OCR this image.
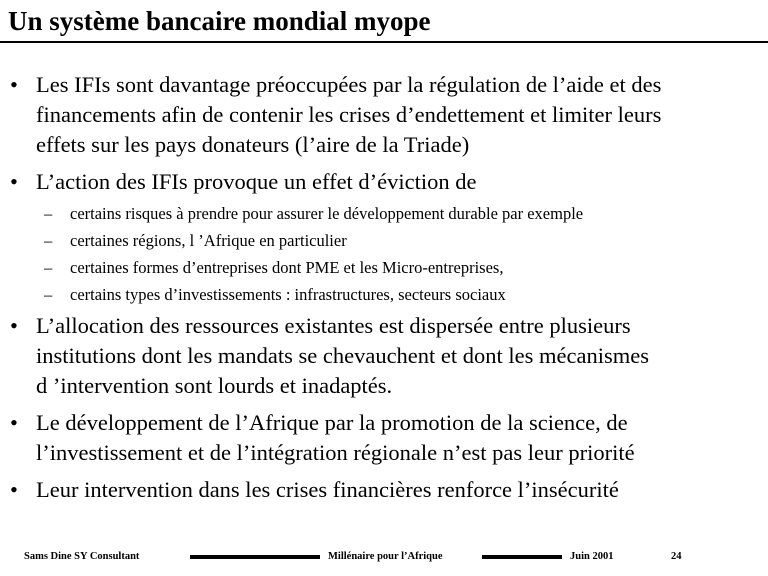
Un système bancaire mondial myope
• Les IFIs sont davantage préoccupées par la régulation de l’aide et des
financements afin de contenir les crises d’endettement et limiter leurs
effets sur les pays donateurs (l’aire de la Triade)
• L’action des IFIs provoque un effet d’éviction de
– certains risques à prendre pour assurer le développement durable par exemple
– certaines régions, l ’Afrique en particulier
– certaines formes d’entreprises dont PME et les Micro-entreprises,
– certains types d’investissements : infrastructures, secteurs sociaux
• L’allocation des ressources existantes est dispersée entre plusieurs
institutions dont les mandats se chevauchent et dont les mécanismes
d ’intervention sont lourds et inadaptés.
• Le développement de l’Afrique par la promotion de la science, de
l’investissement et de l’intégration régionale n’est pas leur priorité
• Leur intervention dans les crises financières renforce l’insécurité
Sams Dine SY Consultant	Millénaire pour l’Afrique	Juin 2001	24
